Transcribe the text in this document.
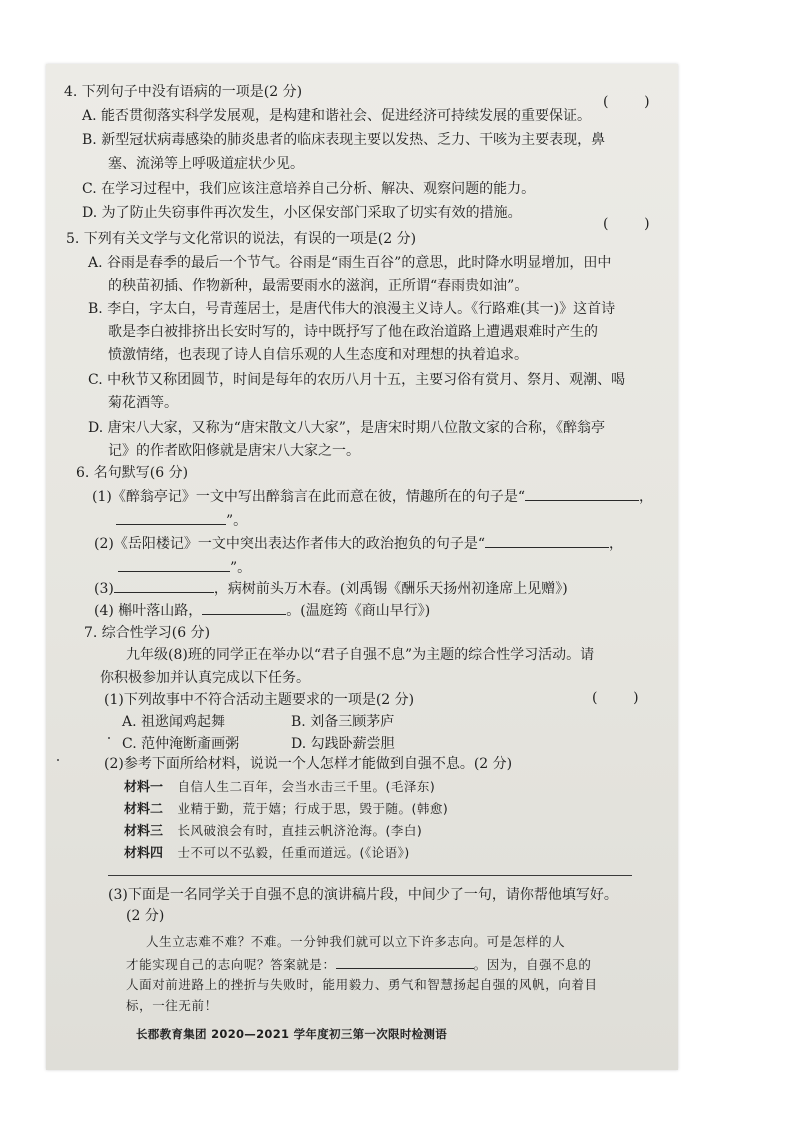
(        )
4. 下列句子中没有语病的一项是(2 分)
A. 能否贯彻落实科学发展观，是构建和谐社会、促进经济可持续发展的重要保证。
B. 新型冠状病毒感染的肺炎患者的临床表现主要以发热、乏力、干咳为主要表现，鼻
塞、流涕等上呼吸道症状少见。
C. 在学习过程中，我们应该注意培养自己分析、解决、观察问题的能力。
D. 为了防止失窃事件再次发生，小区保安部门采取了切实有效的措施。
(        )
5. 下列有关文学与文化常识的说法，有误的一项是(2 分)
A. 谷雨是春季的最后一个节气。谷雨是“雨生百谷”的意思，此时降水明显增加，田中
的秧苗初插、作物新种，最需要雨水的滋润，正所谓“春雨贵如油”。
B. 李白，字太白，号青莲居士，是唐代伟大的浪漫主义诗人。《行路难(其一)》这首诗
歌是李白被排挤出长安时写的，诗中既抒写了他在政治道路上遭遇艰难时产生的
愤激情绪，也表现了诗人自信乐观的人生态度和对理想的执着追求。
C. 中秋节又称团圆节，时间是每年的农历八月十五，主要习俗有赏月、祭月、观潮、喝
菊花酒等。
D. 唐宋八大家，又称为“唐宋散文八大家”，是唐宋时期八位散文家的合称，《醉翁亭
记》的作者欧阳修就是唐宋八大家之一。
6. 名句默写(6 分)
(1)《醉翁亭记》一文中写出醉翁言在此而意在彼，情趣所在的句子是“	，
”。
(2)《岳阳楼记》一文中突出表达作者伟大的政治抱负的句子是“	，
”。
(3)	，病树前头万木春。(刘禹锡《酬乐天扬州初逢席上见赠》)
(4) 槲叶落山路，	。(温庭筠《商山早行》)
7. 综合性学习(6 分)
九年级(8)班的同学正在举办以“君子自强不息”为主题的综合性学习活动。请
你积极参加并认真完成以下任务。
(1)下列故事中不符合活动主题要求的一项是(2 分)	(        )
A. 祖逖闻鸡起舞	B. 刘备三顾茅庐
C. 范仲淹断齑画粥	D. 勾践卧薪尝胆
(2)参考下面所给材料，说说一个人怎样才能做到自强不息。(2 分)
材料一 自信人生二百年，会当水击三千里。(毛泽东)
材料二 业精于勤，荒于嬉；行成于思，毁于随。(韩愈)
材料三 长风破浪会有时，直挂云帆济沧海。(李白)
材料四 士不可以不弘毅，任重而道远。(《论语》)
(3)下面是一名同学关于自强不息的演讲稿片段，中间少了一句，请你帮他填写好。
(2 分)
人生立志难不难？不难。一分钟我们就可以立下许多志向。可是怎样的人
才能实现自己的志向呢？答案就是：	。因为，自强不息的
人面对前进路上的挫折与失败时，能用毅力、勇气和智慧扬起自强的风帆，向着目
标，一往无前！
长郡教育集团 2020—2021 学年度初三第一次限时检测语
